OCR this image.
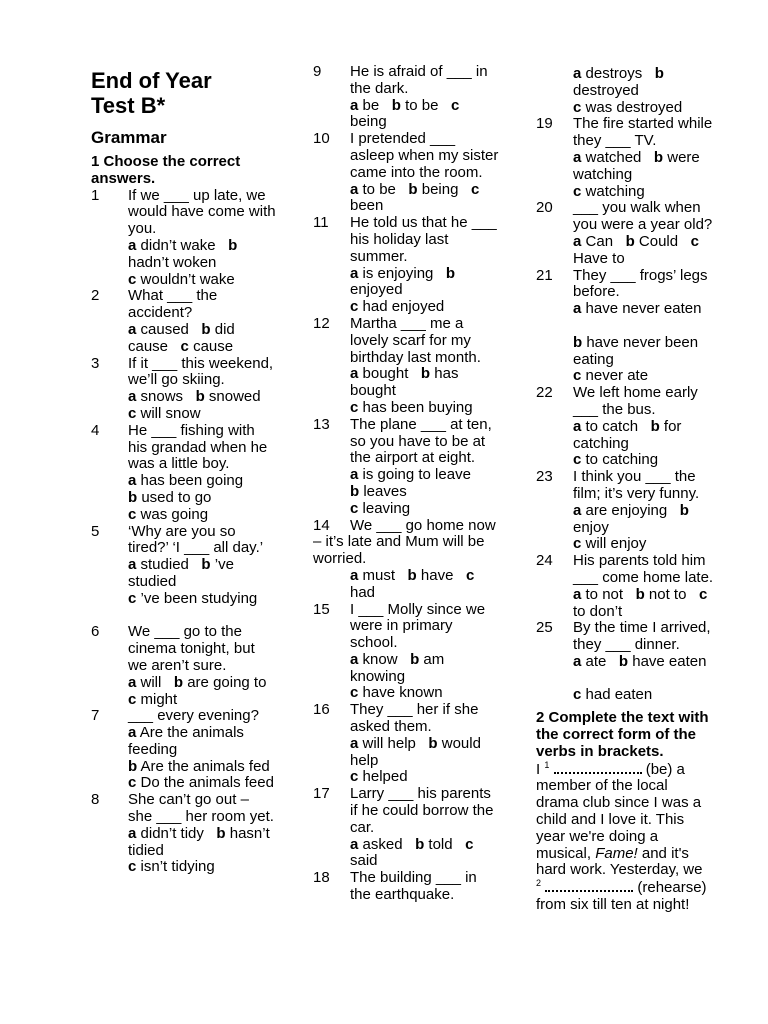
End of Year
Test B*
Grammar
1 Choose the correct answers.
1 If we ___ up late, we would have come with you.
a didn’t wake b hadn’t woken
c wouldn’t wake
2 What ___ the accident?
a caused b did cause c cause
3 If it ___ this weekend, we’ll go skiing.
a snows b snowed
c will snow
4 He ___ fishing with his grandad when he was a little boy.
a has been going
b used to go
c was going
5 ‘Why are you so tired?’ ‘I ___ all day.’
a studied b ’ve studied
c ’ve been studying
6 We ___ go to the cinema tonight, but we aren’t sure.
a will b are going to   c might
7 ___ every evening?
a Are the animals feeding
b Are the animals fed
c Do the animals feed
8 She can’t go out – she ___ her room yet.
a didn’t tidy b hasn’t tidied
c isn’t tidying
9 He is afraid of ___ in the dark.
a be b to be c being
10 I pretended ___ asleep when my sister came into the room.
a to be b being c been
11 He told us that he ___ his holiday last summer.
a is enjoying b enjoyed
c had enjoyed
12 Martha ___ me a lovely scarf for my birthday last month.
a bought b has bought
c has been buying
13 The plane ___ at ten, so you have to be at the airport at eight.
a is going to leave
b leaves
c leaving
14 We ___ go home now – it’s late and Mum will be worried.
a must b have c had
15 I ___ Molly since we were in primary school.
a know b am knowing
c have known
16 They ___ her if she asked them.
a will help b would help
c helped
17 Larry ___ his parents if he could borrow the car.
a asked b told c said
18 The building ___ in the earthquake.
a destroys b destroyed
c was destroyed
19 The fire started while they ___ TV.
a watched b were watching
c watching
20 ___ you walk when you were a year old?
a Can b Could c Have to
21 They ___ frogs’ legs before.
a have never eaten
b have never been eating
c never ate
22 We left home early ___ the bus.
a to catch b for catching
c to catching
23 I think you ___ the film; it’s very funny.
a are enjoying b enjoy
c will enjoy
24 His parents told him ___ come home late.
a to not b not to c to don’t
25 By the time I arrived, they ___ dinner.
a ate b have eaten
c had eaten
2 Complete the text with the correct form of the verbs in brackets.
I $^1$	(be) a member of the local drama club since I was a child and I love it. This year we're doing a musical, Fame! and it's hard work. Yesterday, we
$^2$	(rehearse) from six till ten at night!
